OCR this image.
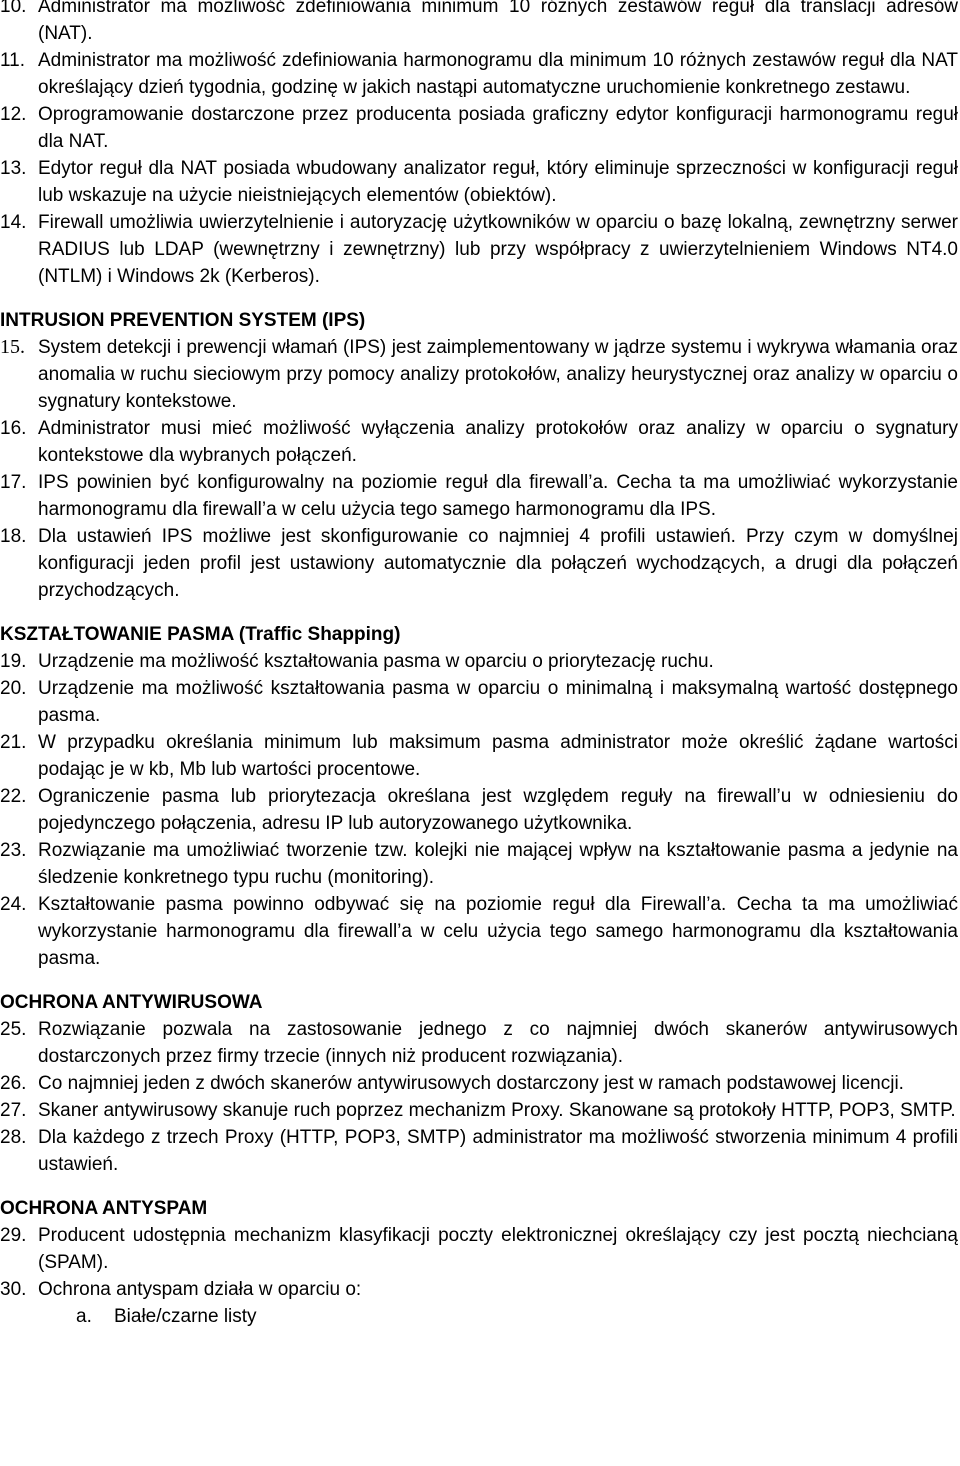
10. Administrator ma możliwość zdefiniowania minimum 10 różnych zestawów reguł dla translacji adresów (NAT).
11. Administrator ma możliwość zdefiniowania harmonogramu dla minimum 10 różnych zestawów reguł dla NAT określający dzień tygodnia, godzinę w jakich nastąpi automatyczne uruchomienie konkretnego zestawu.
12. Oprogramowanie dostarczone przez producenta posiada graficzny edytor konfiguracji harmonogramu reguł dla NAT.
13. Edytor reguł dla NAT posiada wbudowany analizator reguł, który eliminuje sprzeczności w konfiguracji reguł lub wskazuje na użycie nieistniejących elementów (obiektów).
14. Firewall umożliwia uwierzytelnienie i autoryzację użytkowników w oparciu o bazę lokalną, zewnętrzny serwer RADIUS lub LDAP (wewnętrzny i zewnętrzny) lub przy współpracy z uwierzytelnieniem Windows NT4.0 (NTLM) i Windows 2k (Kerberos).
INTRUSION PREVENTION SYSTEM (IPS)
15. System detekcji i prewencji włamań (IPS) jest zaimplementowany w jądrze systemu i wykrywa włamania oraz anomalia w ruchu sieciowym przy pomocy analizy protokołów, analizy heurystycznej oraz analizy w oparciu o sygnatury kontekstowe.
16. Administrator musi mieć możliwość wyłączenia analizy protokołów oraz analizy w oparciu o sygnatury kontekstowe dla wybranych połączeń.
17. IPS powinien być konfigurowalny na poziomie reguł dla firewall’a. Cecha ta ma umożliwiać wykorzystanie harmonogramu dla firewall’a w celu użycia tego samego harmonogramu dla IPS.
18. Dla ustawień IPS możliwe jest skonfigurowanie co najmniej 4 profili ustawień. Przy czym w domyślnej konfiguracji jeden profil jest ustawiony automatycznie dla połączeń wychodzących, a drugi dla połączeń przychodzących.
KSZTAŁTOWANIE PASMA (Traffic Shapping)
19. Urządzenie ma możliwość kształtowania pasma w oparciu o priorytezację ruchu.
20. Urządzenie ma możliwość kształtowania pasma w oparciu o minimalną i maksymalną wartość dostępnego pasma.
21. W przypadku określania minimum lub maksimum pasma administrator może określić żądane wartości podając je w kb, Mb lub wartości procentowe.
22. Ograniczenie pasma lub priorytezacja określana jest względem reguły na firewall’u w odniesieniu do pojedynczego połączenia, adresu IP lub autoryzowanego użytkownika.
23. Rozwiązanie ma umożliwiać tworzenie tzw. kolejki nie mającej wpływ na kształtowanie pasma a jedynie na śledzenie konkretnego typu ruchu (monitoring).
24. Kształtowanie pasma powinno odbywać się na poziomie reguł dla Firewall’a. Cecha ta ma umożliwiać wykorzystanie harmonogramu dla firewall’a w celu użycia tego samego harmonogramu dla kształtowania pasma.
OCHRONA ANTYWIRUSOWA
25. Rozwiązanie pozwala na zastosowanie jednego z co najmniej dwóch skanerów antywirusowych dostarczonych przez firmy trzecie (innych niż producent rozwiązania).
26. Co najmniej jeden z dwóch skanerów antywirusowych dostarczony jest w ramach podstawowej licencji.
27. Skaner antywirusowy skanuje ruch poprzez mechanizm Proxy. Skanowane są protokoły HTTP, POP3, SMTP.
28. Dla każdego z trzech Proxy (HTTP, POP3, SMTP) administrator ma możliwość stworzenia minimum 4 profili ustawień.
OCHRONA ANTYSPAM
29. Producent udostępnia mechanizm klasyfikacji poczty elektronicznej określający czy jest pocztą niechcianą (SPAM).
30. Ochrona antyspam działa w oparciu o:
a.	Białe/czarne listy
